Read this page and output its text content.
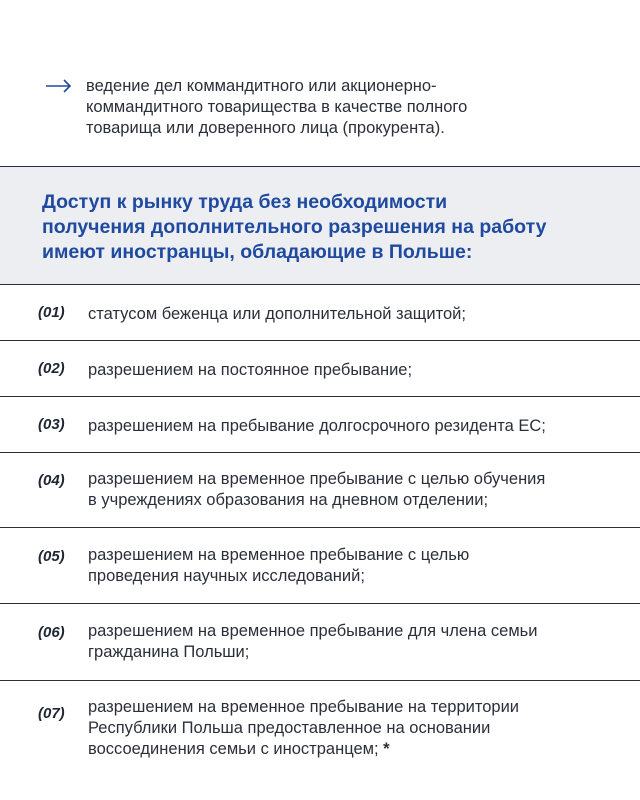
ведение дел коммандитного или акционерно-
коммандитного товарищества в качестве полного
товарища или доверенного лица (прокурента).
Доступ к рынку труда без необходимости
получения дополнительного разрешения на работу
имеют иностранцы, обладающие в Польше:
(01) статусом беженца или дополнительной защитой;
(02) разрешением на постоянное пребывание;
(03) разрешением на пребывание долгосрочного резидента ЕС;
(04) разрешением на временное пребывание с целью обучения
в учреждениях образования на дневном отделении;
(05) разрешением на временное пребывание с целью
проведения научных исследований;
(06) разрешением на временное пребывание для члена семьи
гражданина Польши;
(07) разрешением на временное пребывание на территории
Республики Польша предоставленное на основании
воссоединения семьи с иностранцем; *
